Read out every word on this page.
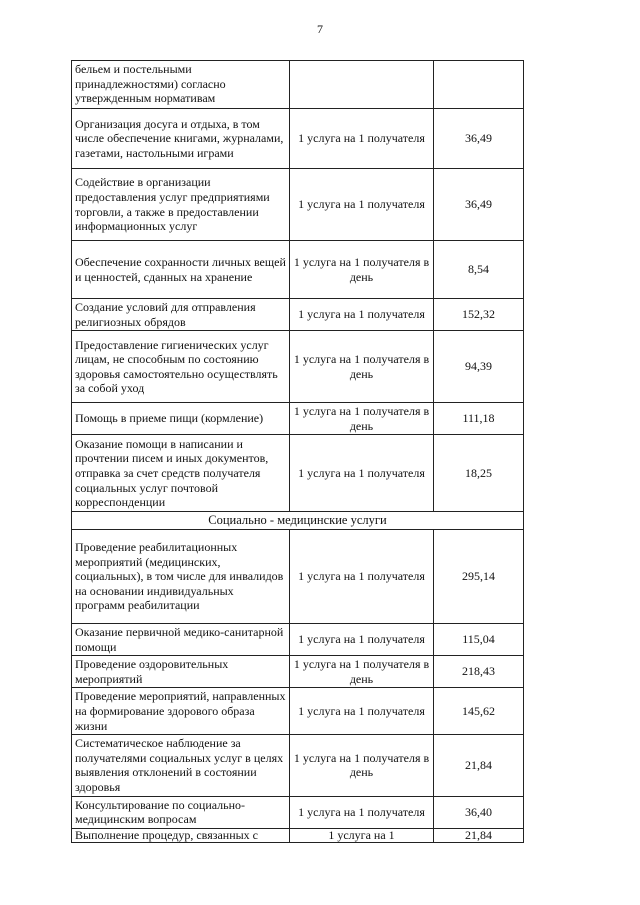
7
бельем и постельными принадлежностями) согласно утвержденным нормативам		
Организация досуга и отдыха, в том числе обеспечение книгами, журналами, газетами, настольными играми	1 услуга на 1 получателя	36,49
Содействие в организации предоставления услуг предприятиями торговли, а также в предоставлении информационных услуг	1 услуга на 1 получателя	36,49
Обеспечение сохранности личных вещей и ценностей, сданных на хранение	1 услуга на 1 получателя в день	8,54
Создание условий для отправления религиозных обрядов	1 услуга на 1 получателя	152,32
Предоставление гигиенических услуг лицам, не способным по состоянию здоровья самостоятельно осуществлять за собой уход	1 услуга на 1 получателя в день	94,39
Помощь в приеме пищи (кормление)	1 услуга на 1 получателя в день	111,18
Оказание помощи в написании и прочтении писем и иных документов, отправка за счет средств получателя социальных услуг почтовой корреспонденции	1 услуга на 1 получателя	18,25
Социально - медицинские услуги		
Проведение реабилитационных мероприятий (медицинских, социальных), в том числе для инвалидов на основании индивидуальных программ реабилитации	1 услуга на 1 получателя	295,14
Оказание первичной медико-санитарной помощи	1 услуга на 1 получателя	115,04
Проведение оздоровительных мероприятий	1 услуга на 1 получателя в день	218,43
Проведение мероприятий, направленных на формирование здорового образа жизни	1 услуга на 1 получателя	145,62
Систематическое наблюдение за получателями социальных услуг в целях выявления отклонений в состоянии здоровья	1 услуга на 1 получателя в день	21,84
Консультирование по социально-медицинским вопросам	1 услуга на 1 получателя	36,40
Выполнение процедур, связанных с	1 услуга на 1	21,84
